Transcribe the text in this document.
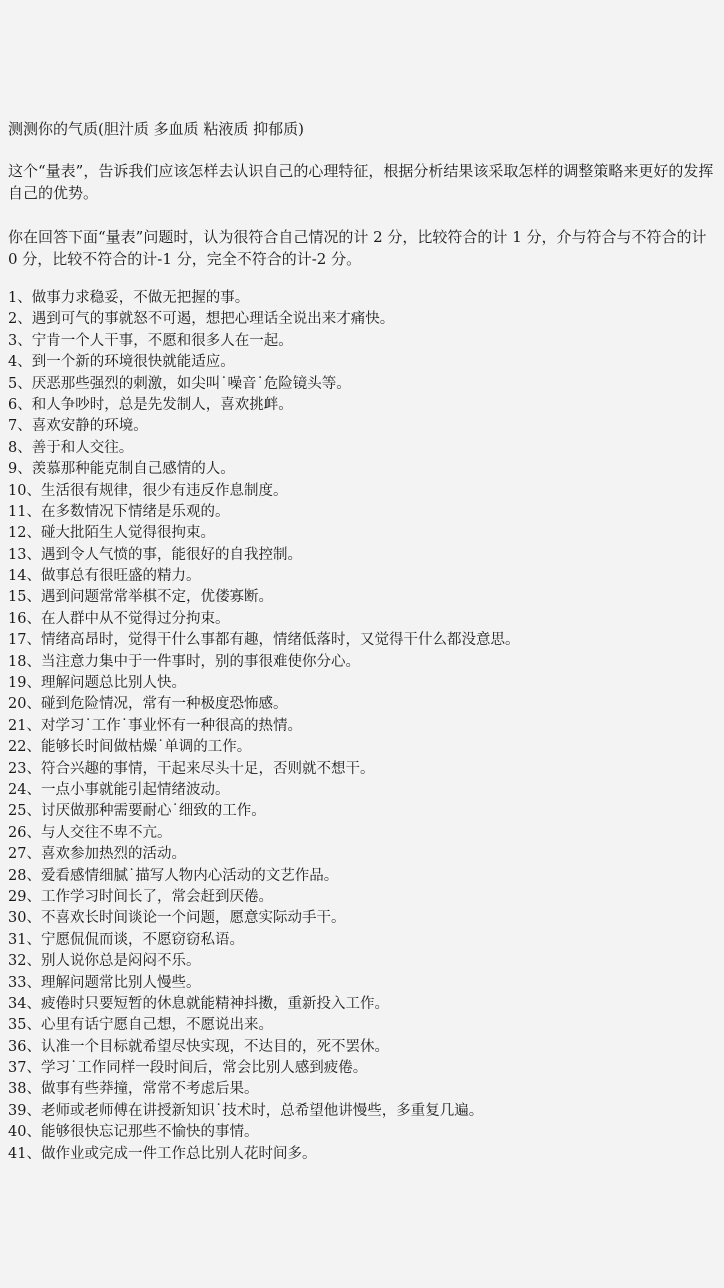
测测你的气质(胆汁质 多血质 粘液质 抑郁质)
这个“量表”，告诉我们应该怎样去认识自己的心理特征，根据分析结果该采取怎样的调整策略来更好的发挥自己的优势。
你在回答下面“量表”问题时，认为很符合自己情况的计 2 分，比较符合的计 1 分，介与符合与不符合的计 0 分，比较不符合的计-1 分，完全不符合的计-2 分。
1、做事力求稳妥，不做无把握的事。
2、遇到可气的事就怒不可遏，想把心理话全说出来才痛快。
3、宁肯一个人干事，不愿和很多人在一起。
4、到一个新的环境很快就能适应。
5、厌恶那些强烈的刺激，如尖叫˙噪音˙危险镜头等。
6、和人争吵时，总是先发制人，喜欢挑衅。
7、喜欢安静的环境。
8、善于和人交往。
9、羡慕那种能克制自己感情的人。
10、生活很有规律，很少有违反作息制度。
11、在多数情况下情绪是乐观的。
12、碰大批陌生人觉得很拘束。
13、遇到令人气愤的事，能很好的自我控制。
14、做事总有很旺盛的精力。
15、遇到问题常常举棋不定，优偻寡断。
16、在人群中从不觉得过分拘束。
17、情绪高昂时，觉得干什么事都有趣，情绪低落时，又觉得干什么都没意思。
18、当注意力集中于一件事时，别的事很难使你分心。
19、理解问题总比别人快。
20、碰到危险情况，常有一种极度恐怖感。
21、对学习˙工作˙事业怀有一种很高的热情。
22、能够长时间做枯燥˙单调的工作。
23、符合兴趣的事情，干起来尽头十足，否则就不想干。
24、一点小事就能引起情绪波动。
25、讨厌做那种需要耐心˙细致的工作。
26、与人交往不卑不亢。
27、喜欢参加热烈的活动。
28、爱看感情细腻˙描写人物内心活动的文艺作品。
29、工作学习时间长了，常会赶到厌倦。
30、不喜欢长时间谈论一个问题，愿意实际动手干。
31、宁愿侃侃而谈，不愿窃窃私语。
32、别人说你总是闷闷不乐。
33、理解问题常比别人慢些。
34、疲倦时只要短暂的休息就能精神抖擞，重新投入工作。
35、心里有话宁愿自己想，不愿说出来。
36、认准一个目标就希望尽快实现，不达目的，死不罢休。
37、学习˙工作同样一段时间后，常会比别人感到疲倦。
38、做事有些莽撞，常常不考虑后果。
39、老师或老师傅在讲授新知识˙技术时，总希望他讲慢些，多重复几遍。
40、能够很快忘记那些不愉快的事情。
41、做作业或完成一件工作总比别人花时间多。
